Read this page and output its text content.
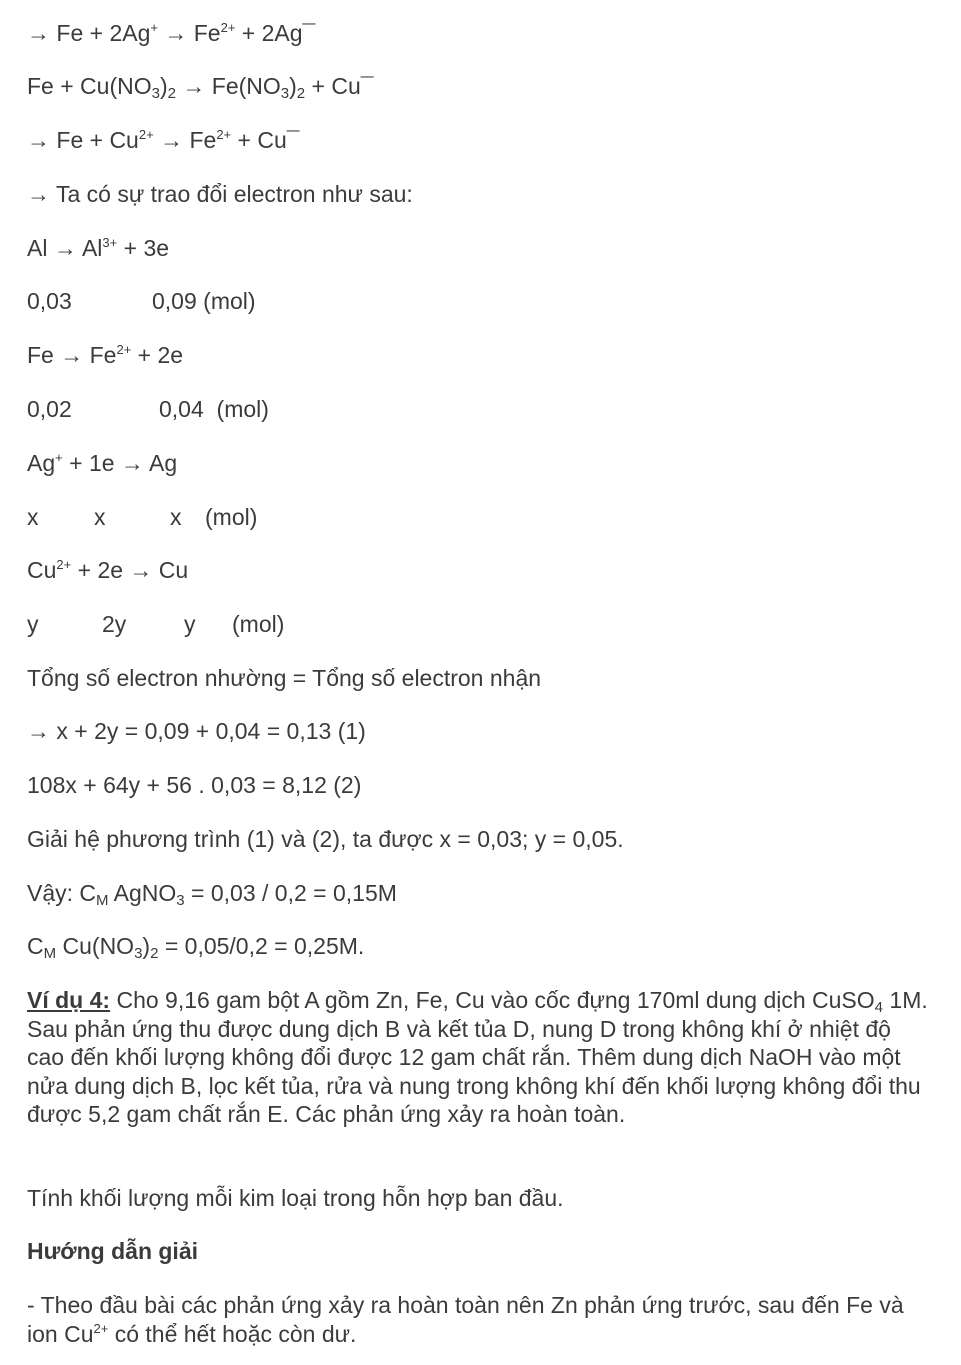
→ $Fe + 2Ag^+ \to Fe^{2+}$ + 2Ag¯
$Fe + Cu(NO_3)_2 \to Fe(NO_3)_2$ + Cu¯
→ $Fe + Cu^{2+} \to Fe^{2+}$ + Cu¯
→ Ta có sự trao đổi electron như sau:
$Al \to Al^{3+} + 3e$
0,03	0,09 (mol)
$Fe \to Fe^{2+} + 2e$
0,02	0,04  (mol)
Ag+ + 1e → Ag
x x	x (mol)
$Cu^{2+} + 2e \to Cu$
y	2y	y (mol)
Tổng số electron nhường = Tổng số electron nhận
→ x + 2y = 0,09 + 0,04 = 0,13 (1)
108x + 64y + 56 . 0,03 = 8,12 (2)
Giải hệ phương trình (1) và (2), ta được x = 0,03; y = 0,05.
Vậy: $C_M$ AgNO$_3$ = 0,03 / 0,2 = 0,15M
$C_M$ $Cu(NO_3)_2 = 0,05/0,2 = 0,25M$.
Ví dụ 4: Cho 9,16 gam bột A gồm Zn, Fe, Cu vào cốc đựng 170ml dung dịch CuSO$_4$ 1M. Sau phản ứng thu được dung dịch B và kết tủa D, nung D trong không khí ở nhiệt độ cao đến khối lượng không đổi được 12 gam chất rắn. Thêm dung dịch NaOH vào một nửa dung dịch B, lọc kết tủa, rửa và nung trong không khí đến khối lượng không đổi thu được 5,2 gam chất rắn E. Các phản ứng xảy ra hoàn toàn.
Tính khối lượng mỗi kim loại trong hỗn hợp ban đầu.
Hướng dẫn giải
- Theo đầu bài các phản ứng xảy ra hoàn toàn nên Zn phản ứng trước, sau đến Fe và ion $Cu^{2+}$ có thể hết hoặc còn dư.
